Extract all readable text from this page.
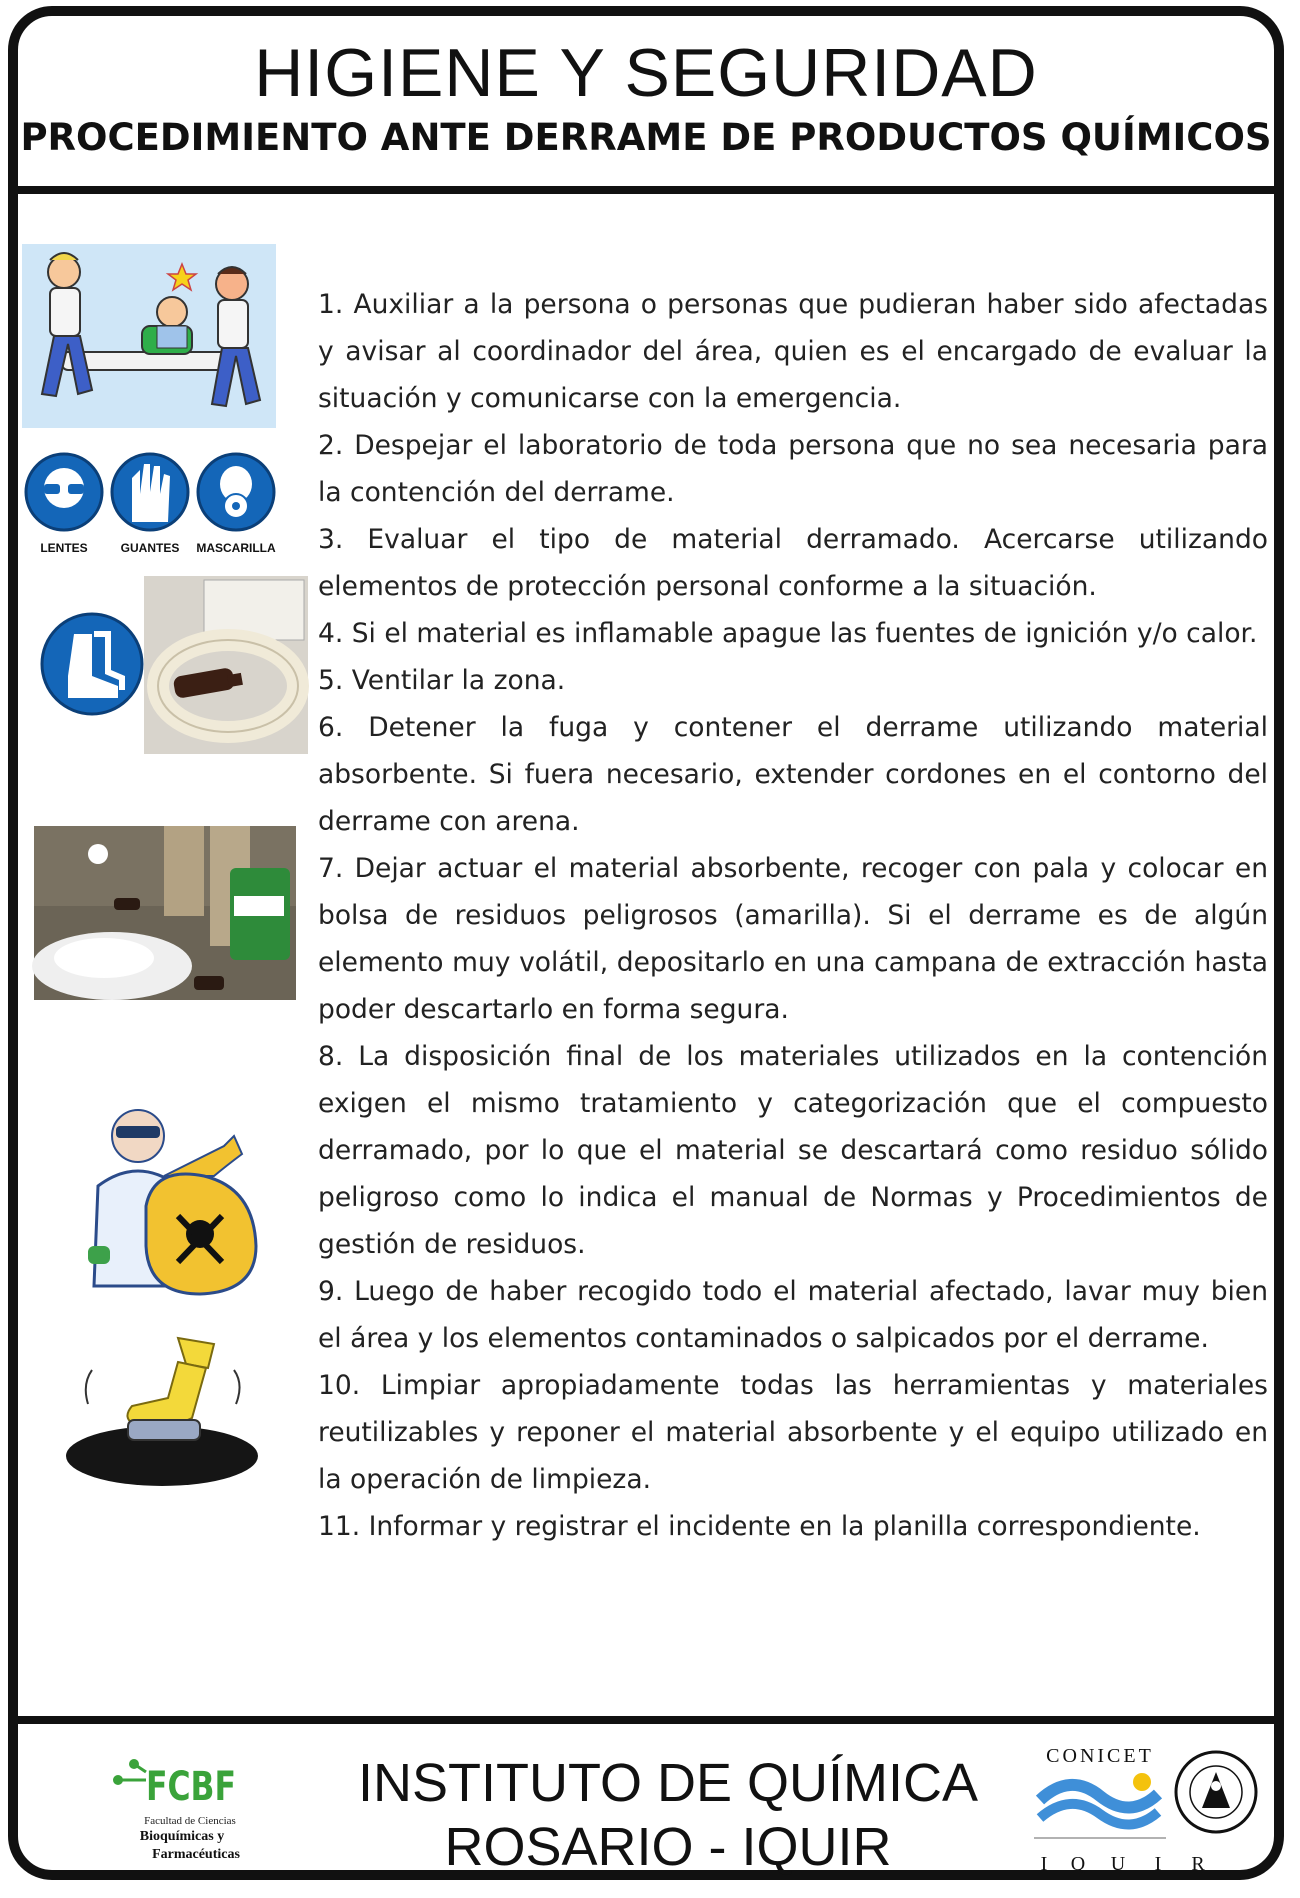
HIGIENE Y SEGURIDAD
PROCEDIMIENTO ANTE DERRAME DE PRODUCTOS QUÍMICOS
LENTES	GUANTES MASCARILLA

1. Auxiliar a la persona o personas que pudieran haber sido afectadas y avisar al coordinador del área, quien es el encargado de evaluar la situación y comunicarse con la emergencia.

2. Despejar el laboratorio de toda persona que no sea necesaria para la contención del derrame.

3. Evaluar el tipo de material derramado. Acercarse utilizando elementos de protección personal conforme a la situación.

4. Si el material es inflamable apague las fuentes de ignición y/o calor.

5. Ventilar la zona.

6. Detener la fuga y contener el derrame utilizando material absorbente. Si fuera necesario, extender cordones en el contorno del derrame con arena.

7. Dejar actuar el material absorbente, recoger con pala y colocar en bolsa de residuos peligrosos (amarilla). Si el derrame es de algún elemento muy volátil, depositarlo en una campana de extracción hasta poder descartarlo en forma segura.

8. La disposición final de los materiales utilizados en la contención exigen el mismo tratamiento y categorización que el compuesto derramado, por lo que el material se descartará como residuo sólido peligroso como lo indica el manual de Normas y Procedimientos de gestión de residuos.

9. Luego de haber recogido todo el material afectado, lavar muy bien el área y los elementos contaminados o salpicados por el derrame.

10. Limpiar apropiadamente todas las herramientas y materiales reutilizables y reponer el material absorbente y el equipo utilizado en la operación de limpieza.

11. Informar y registrar el incidente en la planilla correspondiente.

FCBF
Facultad de Ciencias
Bioquímicas y
Farmacéuticas
INSTITUTO DE QUÍMICA
ROSARIO - IQUIR
CONICET
I Q U I R
